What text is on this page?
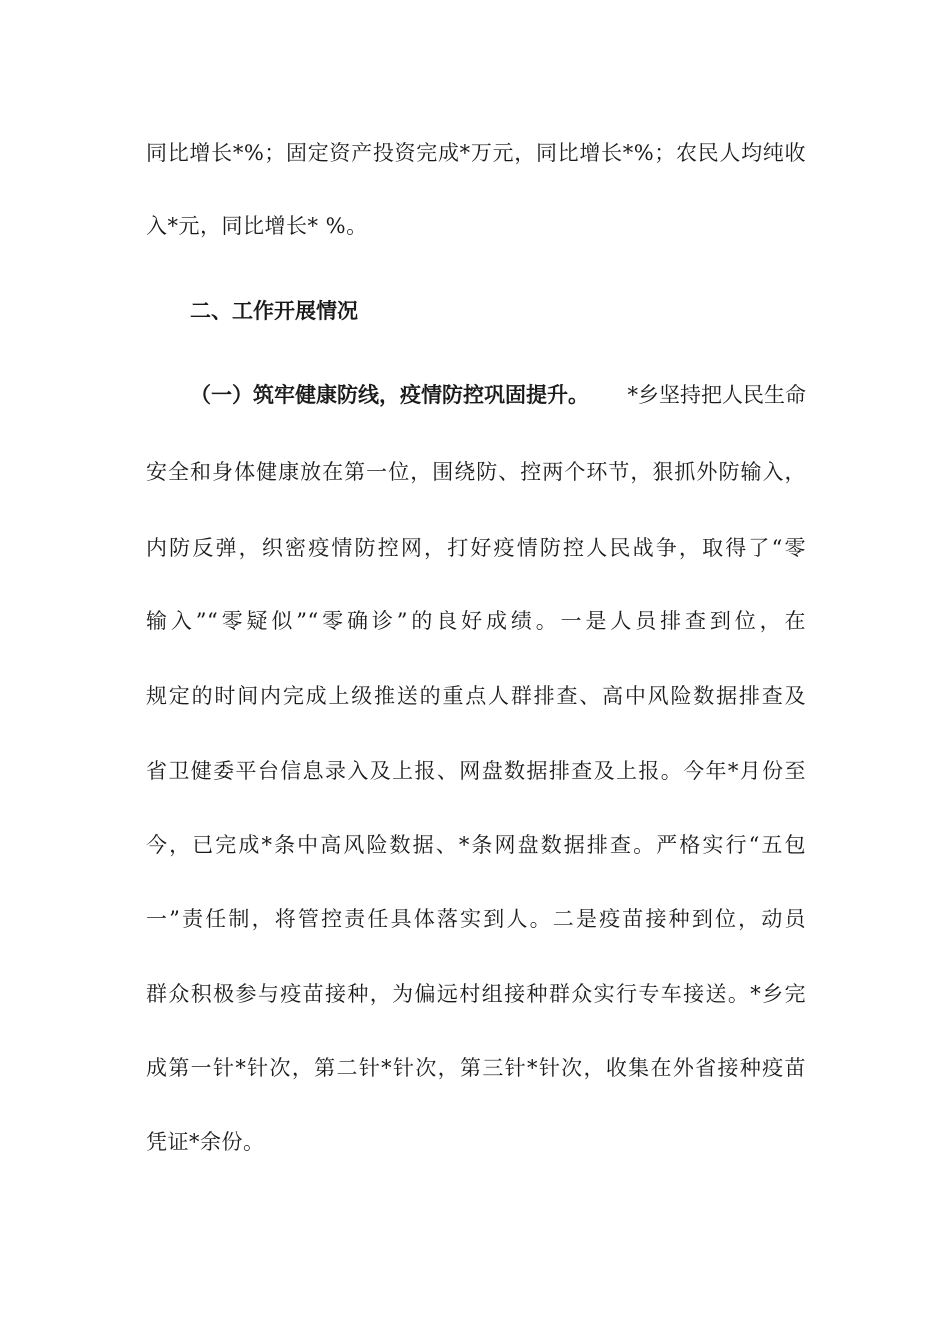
同比增长*%；固定资产投资完成*万元，同比增长*%；农民人均纯收
入*元，同比增长* %。
二、工作开展情况
（一）筑牢健康防线，疫情防控巩固提升。 *乡坚持把人民生命
安全和身体健康放在第一位，围绕防、控两个环节，狠抓外防输入，
内防反弹，织密疫情防控网，打好疫情防控人民战争，取得了“零
输入”“零疑似”“零确诊”的良好成绩。一是人员排查到位，在
规定的时间内完成上级推送的重点人群排查、高中风险数据排查及
省卫健委平台信息录入及上报、网盘数据排查及上报。今年*月份至
今，已完成*条中高风险数据、*条网盘数据排查。严格实行“五包
一”责任制，将管控责任具体落实到人。二是疫苗接种到位，动员
群众积极参与疫苗接种，为偏远村组接种群众实行专车接送。*乡完
成第一针*针次，第二针*针次，第三针*针次，收集在外省接种疫苗
凭证*余份。
